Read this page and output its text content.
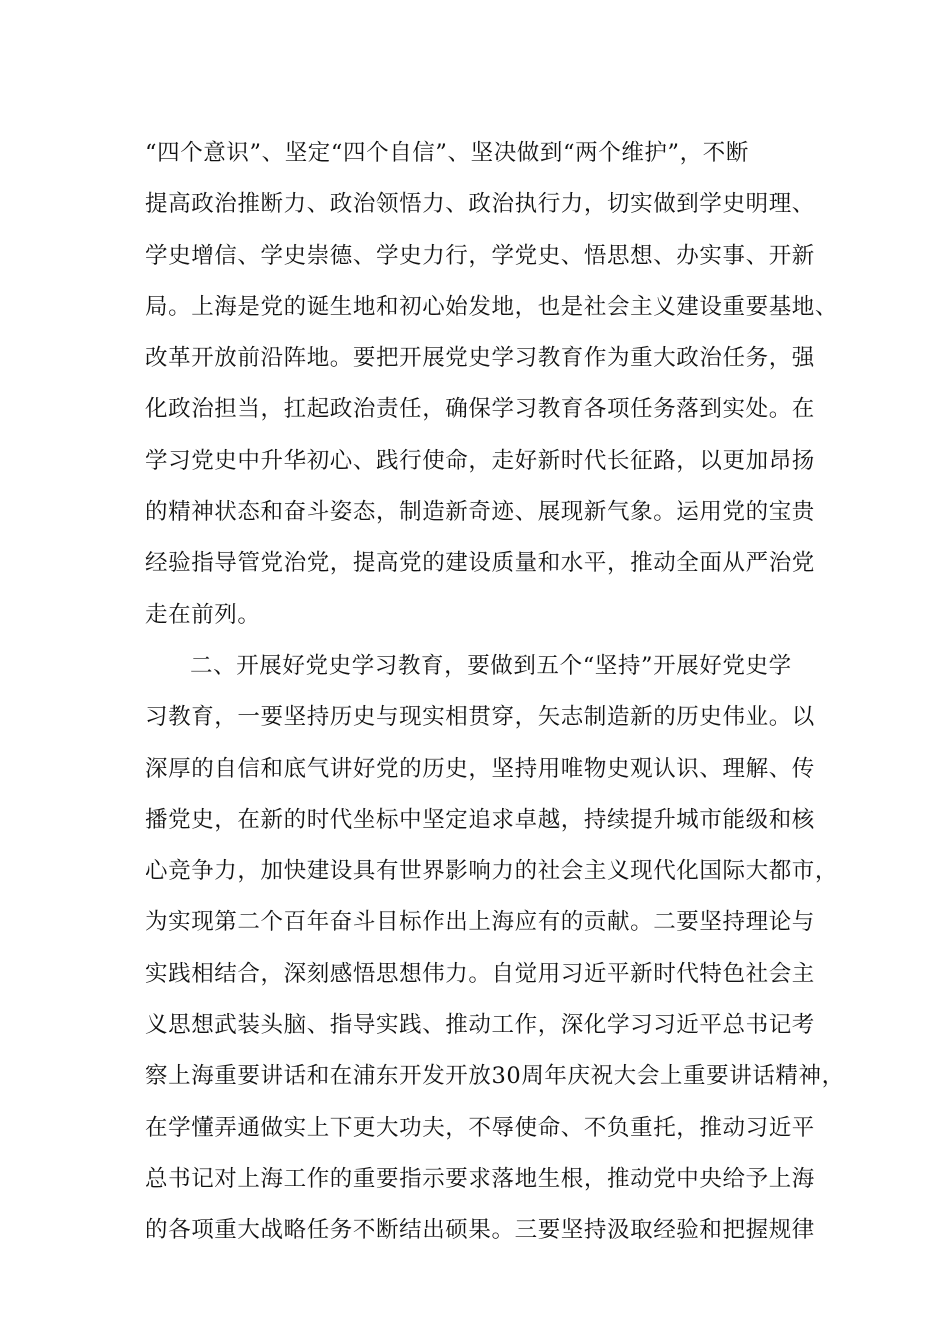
“四个意识”、坚定“四个自信”、坚决做到“两个维护”，不断
提高政治推断力、政治领悟力、政治执行力，切实做到学史明理、
学史增信、学史崇德、学史力行，学党史、悟思想、办实事、开新
局。上海是党的诞生地和初心始发地，也是社会主义建设重要基地、
改革开放前沿阵地。要把开展党史学习教育作为重大政治任务，强
化政治担当，扛起政治责任，确保学习教育各项任务落到实处。在
学习党史中升华初心、践行使命，走好新时代长征路，以更加昂扬
的精神状态和奋斗姿态，制造新奇迹、展现新气象。运用党的宝贵
经验指导管党治党，提高党的建设质量和水平，推动全面从严治党
走在前列。
二、开展好党史学习教育，要做到五个“坚持”开展好党史学
习教育，一要坚持历史与现实相贯穿，矢志制造新的历史伟业。以
深厚的自信和底气讲好党的历史，坚持用唯物史观认识、理解、传
播党史，在新的时代坐标中坚定追求卓越，持续提升城市能级和核
心竞争力，加快建设具有世界影响力的社会主义现代化国际大都市，
为实现第二个百年奋斗目标作出上海应有的贡献。二要坚持理论与
实践相结合，深刻感悟思想伟力。自觉用习近平新时代特色社会主
义思想武装头脑、指导实践、推动工作，深化学习习近平总书记考
察上海重要讲话和在浦东开发开放30周年庆祝大会上重要讲话精神，
在学懂弄通做实上下更大功夫，不辱使命、不负重托，推动习近平
总书记对上海工作的重要指示要求落地生根，推动党中央给予上海
的各项重大战略任务不断结出硕果。三要坚持汲取经验和把握规律
